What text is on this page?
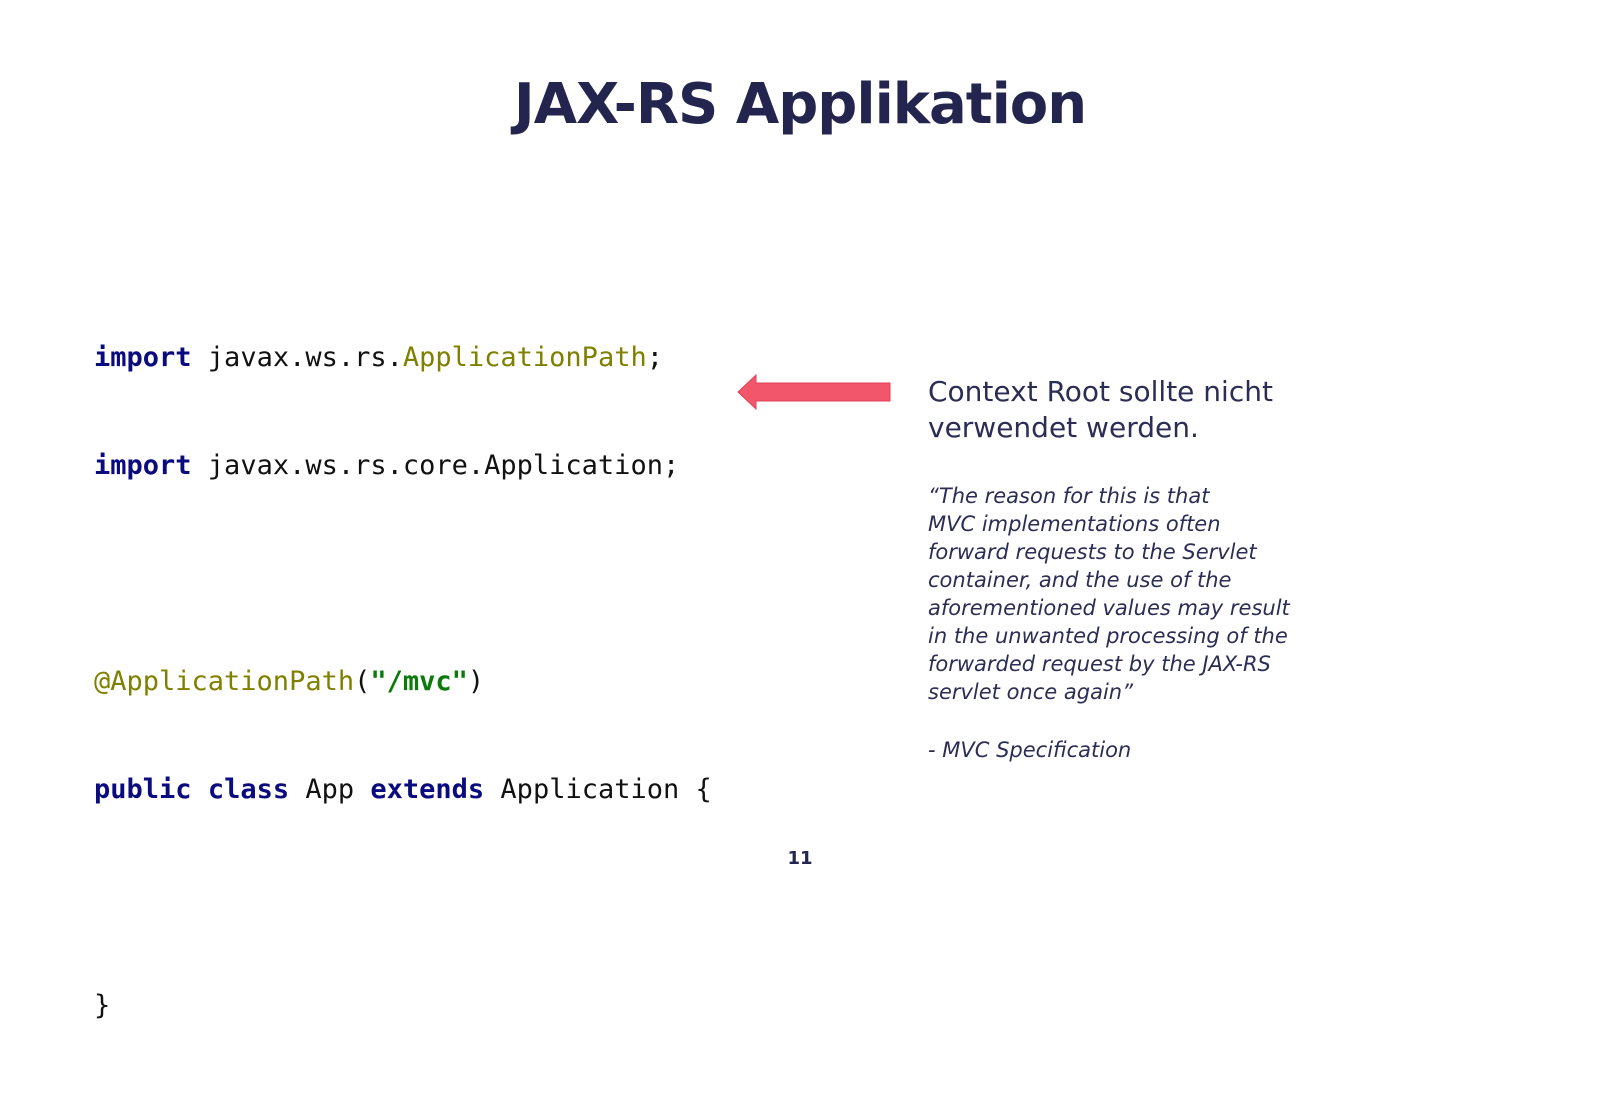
JAX-RS Applikation

import javax.ws.rs.ApplicationPath;

import javax.ws.rs.core.Application;

@ApplicationPath("/mvc")

public class App extends Application {

}

Context Root sollte nicht
verwendet werden.
“The reason for this is that
MVC implementations often
forward requests to the Servlet
container, and the use of the
aforementioned values may result
in the unwanted processing of the
forwarded request by the JAX-RS
servlet once again”
- MVC Specification
11
